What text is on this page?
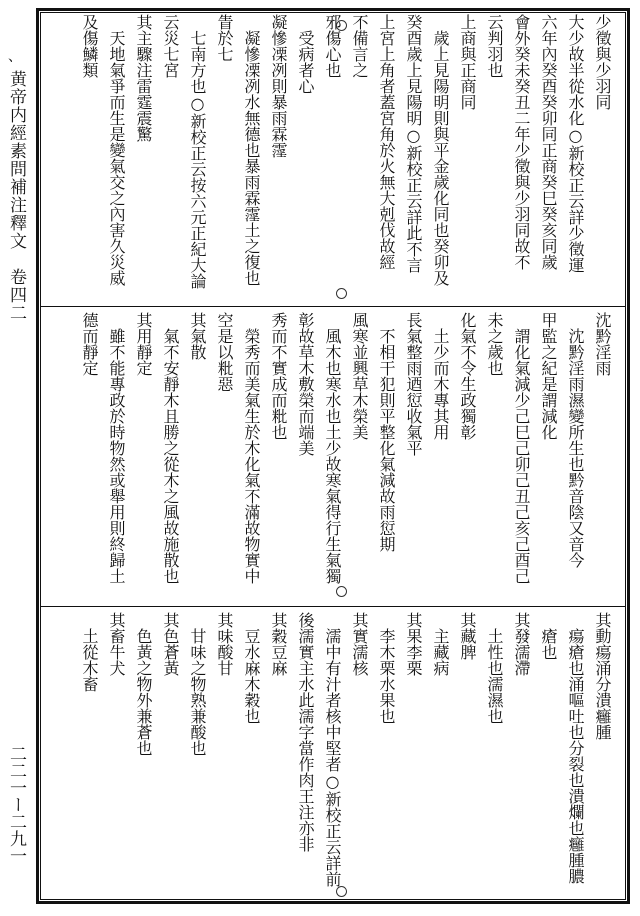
、
黄帝内經素問補注釋文　卷四二
二二一ー二九一
少徵與少羽同
大少故半從水化○新校正云詳少徵運
六年內癸酉癸卯同正商癸巳癸亥同歲
會外癸未癸丑二年少徵與少羽同故不
云判羽也
上商與正商同
歲上見陽明則與平金歲化同也癸卯及
癸酉歲上見陽明○新校正云詳此不言
上宮上角者蓋宮角於火無大剋伐故經
不備言之
邪傷心也
受病者心
凝慘凓冽則暴雨霖霪
凝慘凓冽水無德也暴雨霖霪土之復也
眚於七
七南方也○新校正云按六元正紀大論
云災七宮
其主驟注雷霆震驚
天地氣爭而生是變氣交之內害久災威
及傷鱗類
沈黔淫雨
沈黔淫雨濕變所生也黔音陰又音今
甲監之紀是謂減化
謂化氣減少己巳己卯己丑己亥己酉己
未之歲也
化氣不令生政獨彰
土少而木專其用
長氣整雨迺愆收氣平
不相干犯則平整化氣減故雨愆期
風寒並興草木榮美
風木也寒水也土少故寒氣得行生氣獨
彰故草木敷榮而端美
秀而不實成而粃也
榮秀而美氣生於木化氣不滿故物實中
空是以粃惡
其氣散
氣不安靜木且勝之從木之風故施散也
其用靜定
雖不能專政於時物然或舉用則終歸土
德而靜定
其動瘍涌分潰癰腫
瘍瘡也涌嘔吐也分裂也潰爛也癰腫膿
瘡也
其發濡滯
土性也濡濕也
其藏脾
主藏病
其果李栗
李木栗水果也
其實濡核
濡中有汁者核中堅者○新校正云詳前
後濡實主水此濡字當作肉王注亦非
其穀豆麻
豆水麻木穀也
其味酸甘
甘味之物熟兼酸也
其色蒼黃
色黃之物外兼蒼也
其畜牛犬
土從木畜
